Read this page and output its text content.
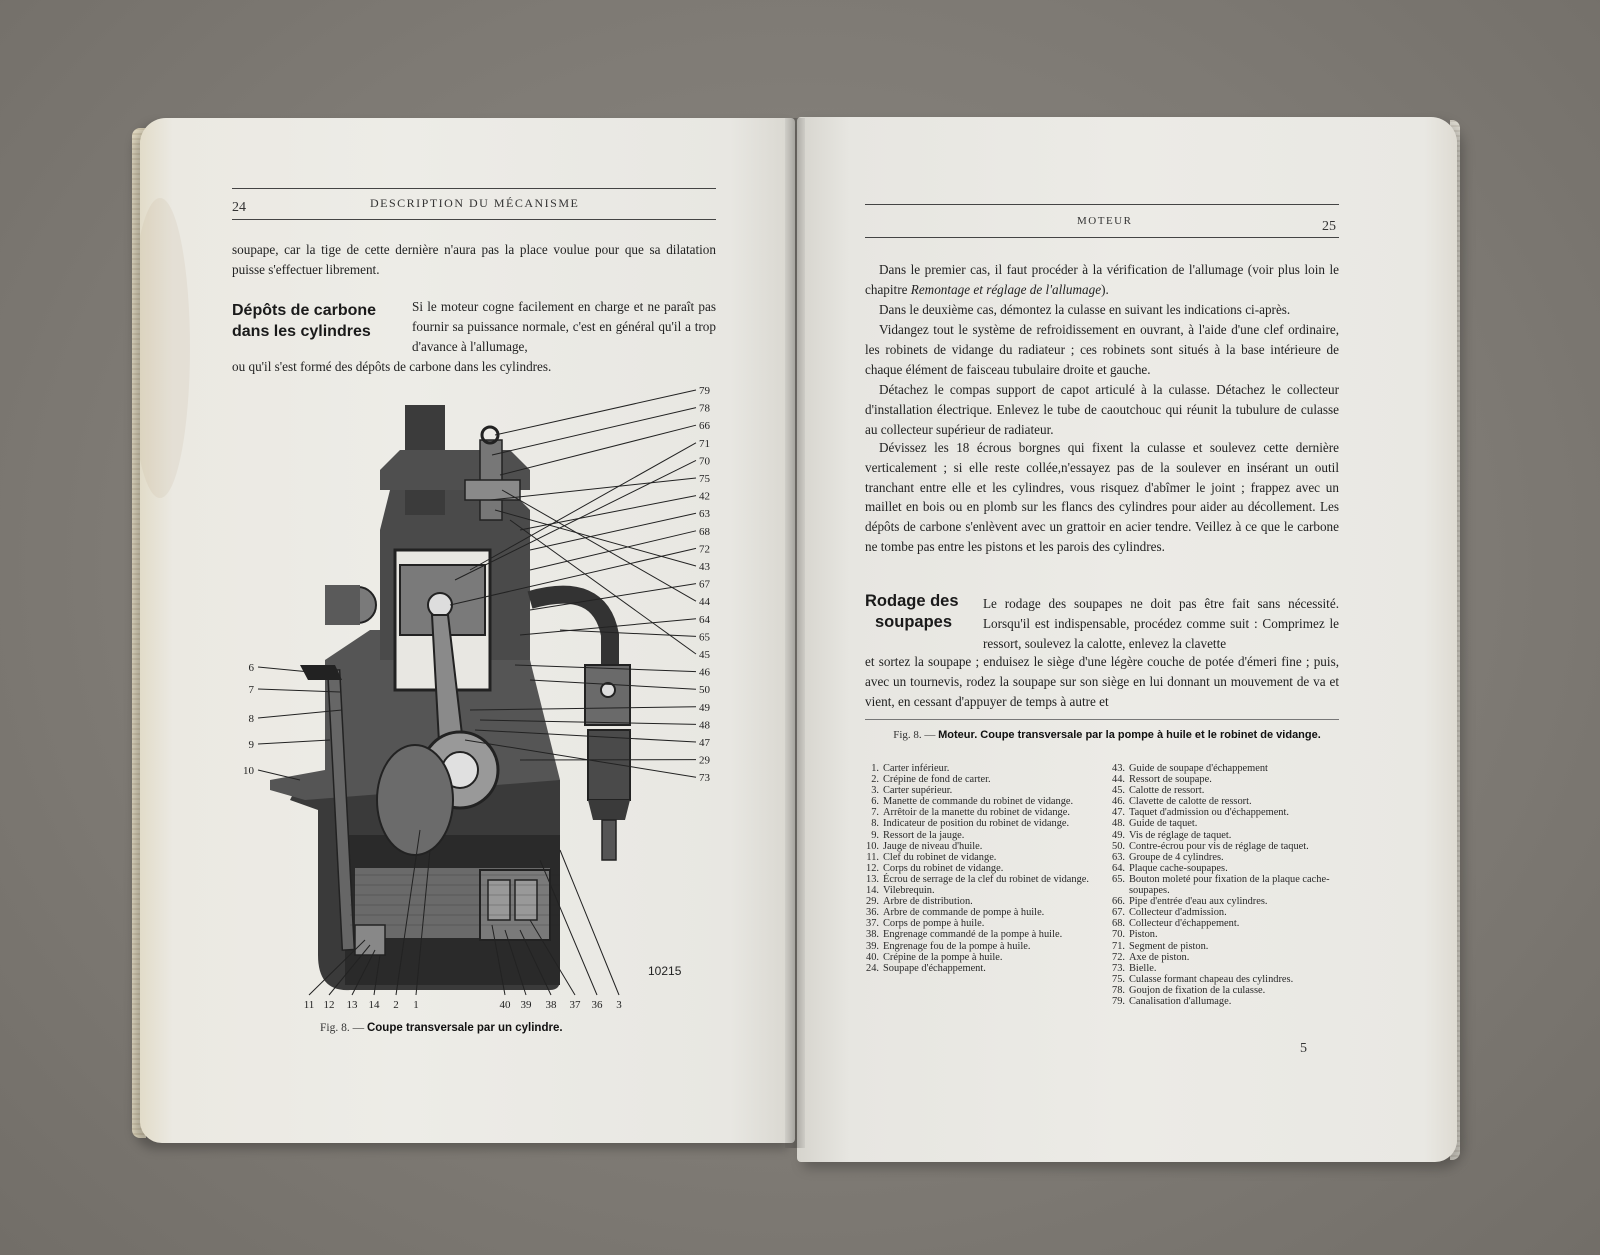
24	DESCRIPTION DU MÉCANISME
soupape, car la tige de cette dernière n'aura pas la place voulue pour que sa dilatation puisse s'effectuer librement.
Dépôts de carbone
dans les cylindres
Si le moteur cogne facilement en charge et ne paraît pas fournir sa puissance normale, c'est en général qu'il a trop d'avance à l'allumage,
ou qu'il s'est formé des dépôts de carbone dans les cylindres.
Fig. 8. — Coupe transversale par un cylindre.
MOTEUR	25
Dans le premier cas, il faut procéder à la vérification de l'allumage (voir plus loin le chapitre Remontage et réglage de l'allumage).
Dans le deuxième cas, démontez la culasse en suivant les indications ci-après.
Vidangez tout le système de refroidissement en ouvrant, à l'aide d'une clef ordinaire, les robinets de vidange du radiateur ; ces robinets sont situés à la base intérieure de chaque élément de faisceau tubulaire droite et gauche.
Détachez le compas support de capot articulé à la culasse. Détachez le collecteur d'installation électrique. Enlevez le tube de caoutchouc qui réunit la tubulure de culasse au collecteur supérieur de radiateur.
Dévissez les 18 écrous borgnes qui fixent la culasse et soulevez cette dernière verticalement ; si elle reste collée,n'essayez pas de la soulever en insérant un outil tranchant entre elle et les cylindres, vous risquez d'abîmer le joint ; frappez avec un maillet en bois ou en plomb sur les flancs des cylindres pour aider au décollement. Les dépôts de carbone s'enlèvent avec un grattoir en acier tendre. Veillez à ce que le carbone ne tombe pas entre les pistons et les parois des cylindres.
Rodage des
soupapes
Le rodage des soupapes ne doit pas être fait sans nécessité. Lorsqu'il est indispensable, procédez comme suit : Comprimez le ressort, soulevez la calotte, enlevez la clavette
et sortez la soupape ; enduisez le siège d'une légère couche de potée d'émeri fine ; puis, avec un tournevis, rodez la soupape sur son siège en lui donnant un mouvement de va et vient, en cessant d'appuyer de temps à autre et
Fig. 8. — Moteur. Coupe transversale par la pompe à huile et le robinet de vidange.
1. Carter inférieur.
2. Crépine de fond de carter.
3. Carter supérieur.
6. Manette de commande du robinet de vidange.
7. Arrêtoir de la manette du robinet de vidange.
8. Indicateur de position du robinet de vidange.
9. Ressort de la jauge.
10. Jauge de niveau d'huile.
11. Clef du robinet de vidange.
12. Corps du robinet de vidange.
13. Écrou de serrage de la clef du robinet de vidange.
14. Vilebrequin.
29. Arbre de distribution.
36. Arbre de commande de pompe à huile.
37. Corps de pompe à huile.
38. Engrenage commandé de la pompe à huile.
39. Engrenage fou de la pompe à huile.
40. Crépine de la pompe à huile.
24. Soupape d'échappement.
43. Guide de soupape d'échappement
44. Ressort de soupape.
45. Calotte de ressort.
46. Clavette de calotte de ressort.
47. Taquet d'admission ou d'échappement.
48. Guide de taquet.
49. Vis de réglage de taquet.
50. Contre-écrou pour vis de réglage de taquet.
63. Groupe de 4 cylindres.
64. Plaque cache-soupapes.
65. Bouton moleté pour fixation de la plaque cache-soupapes.
66. Pipe d'entrée d'eau aux cylindres.
67. Collecteur d'admission.
68. Collecteur d'échappement.
70. Piston.
71. Segment de piston.
72. Axe de piston.
73. Bielle.
75. Culasse formant chapeau des cylindres.
78. Goujon de fixation de la culasse.
79. Canalisation d'allumage.
5
79
78
66
71
70
75
42
63
68
72
43
67
44
64
65
45
46
50
49
48
47
29
73
6
7
8
9
10
11 12 13 14 2 1	40 39 38 37 36 3
10215
